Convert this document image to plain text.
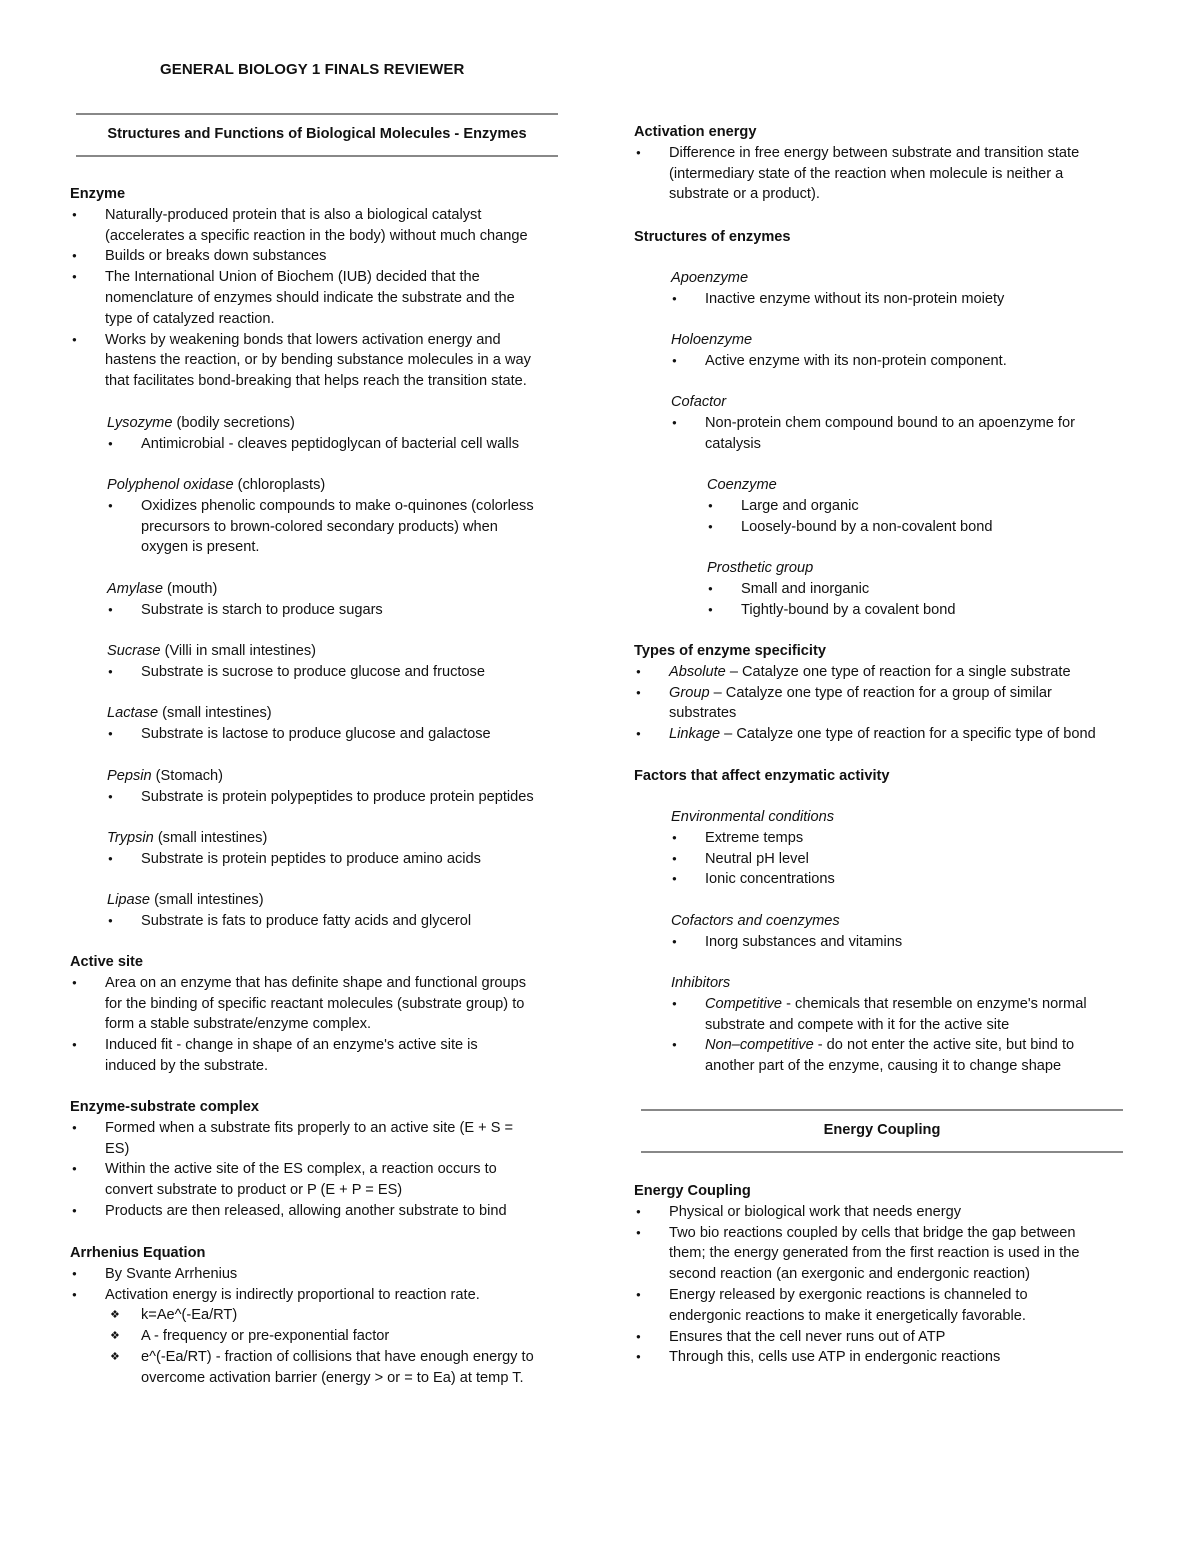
GENERAL BIOLOGY 1 FINALS REVIEWER
Structures and Functions of Biological Molecules - Enzymes
Enzyme
● Naturally-produced protein that is also a biological catalyst
(accelerates a specific reaction in the body) without much change
● Builds or breaks down substances
● The International Union of Biochem (IUB) decided that the
nomenclature of enzymes should indicate the substrate and the
type of catalyzed reaction.
● Works by weakening bonds that lowers activation energy and
hastens the reaction, or by bending substance molecules in a way
that facilitates bond-breaking that helps reach the transition state.
Lysozyme (bodily secretions)
● Antimicrobial - cleaves peptidoglycan of bacterial cell walls
Polyphenol oxidase (chloroplasts)
● Oxidizes phenolic compounds to make o-quinones (colorless
precursors to brown-colored secondary products) when
oxygen is present.
Amylase (mouth)
● Substrate is starch to produce sugars
Sucrase (Villi in small intestines)
● Substrate is sucrose to produce glucose and fructose
Lactase (small intestines)
● Substrate is lactose to produce glucose and galactose
Pepsin (Stomach)
● Substrate is protein polypeptides to produce protein peptides
Trypsin (small intestines)
● Substrate is protein peptides to produce amino acids
Lipase (small intestines)
● Substrate is fats to produce fatty acids and glycerol
Active site
● Area on an enzyme that has definite shape and functional groups
for the binding of specific reactant molecules (substrate group) to
form a stable substrate/enzyme complex.
● Induced fit - change in shape of an enzyme's active site is
induced by the substrate.
Enzyme-substrate complex
● Formed when a substrate fits properly to an active site (E + S =
ES)
● Within the active site of the ES complex, a reaction occurs to
convert substrate to product or P (E + P = ES)
● Products are then released, allowing another substrate to bind
Arrhenius Equation
● By Svante Arrhenius
● Activation energy is indirectly proportional to reaction rate.
❖ k=Ae^(-Ea/RT)
❖ A - frequency or pre-exponential factor
❖ e^(-Ea/RT) - fraction of collisions that have enough energy to
overcome activation barrier (energy > or = to Ea) at temp T.
Activation energy
● Difference in free energy between substrate and transition state
(intermediary state of the reaction when molecule is neither a
substrate or a product).
Structures of enzymes
Apoenzyme
● Inactive enzyme without its non-protein moiety
Holoenzyme
● Active enzyme with its non-protein component.
Cofactor
● Non-protein chem compound bound to an apoenzyme for
catalysis
Coenzyme
● Large and organic
● Loosely-bound by a non-covalent bond
Prosthetic group
● Small and inorganic
● Tightly-bound by a covalent bond
Types of enzyme specificity
● Absolute – Catalyze one type of reaction for a single substrate
● Group – Catalyze one type of reaction for a group of similar
substrates
● Linkage – Catalyze one type of reaction for a specific type of bond
Factors that affect enzymatic activity
Environmental conditions
● Extreme temps
● Neutral pH level
● Ionic concentrations
Cofactors and coenzymes
● Inorg substances and vitamins
Inhibitors
● Competitive - chemicals that resemble on enzyme's normal
substrate and compete with it for the active site
● Non–competitive - do not enter the active site, but bind to
another part of the enzyme, causing it to change shape
Energy Coupling
Energy Coupling
● Physical or biological work that needs energy
● Two bio reactions coupled by cells that bridge the gap between
them; the energy generated from the first reaction is used in the
second reaction (an exergonic and endergonic reaction)
● Energy released by exergonic reactions is channeled to
endergonic reactions to make it energetically favorable.
● Ensures that the cell never runs out of ATP
● Through this, cells use ATP in endergonic reactions
